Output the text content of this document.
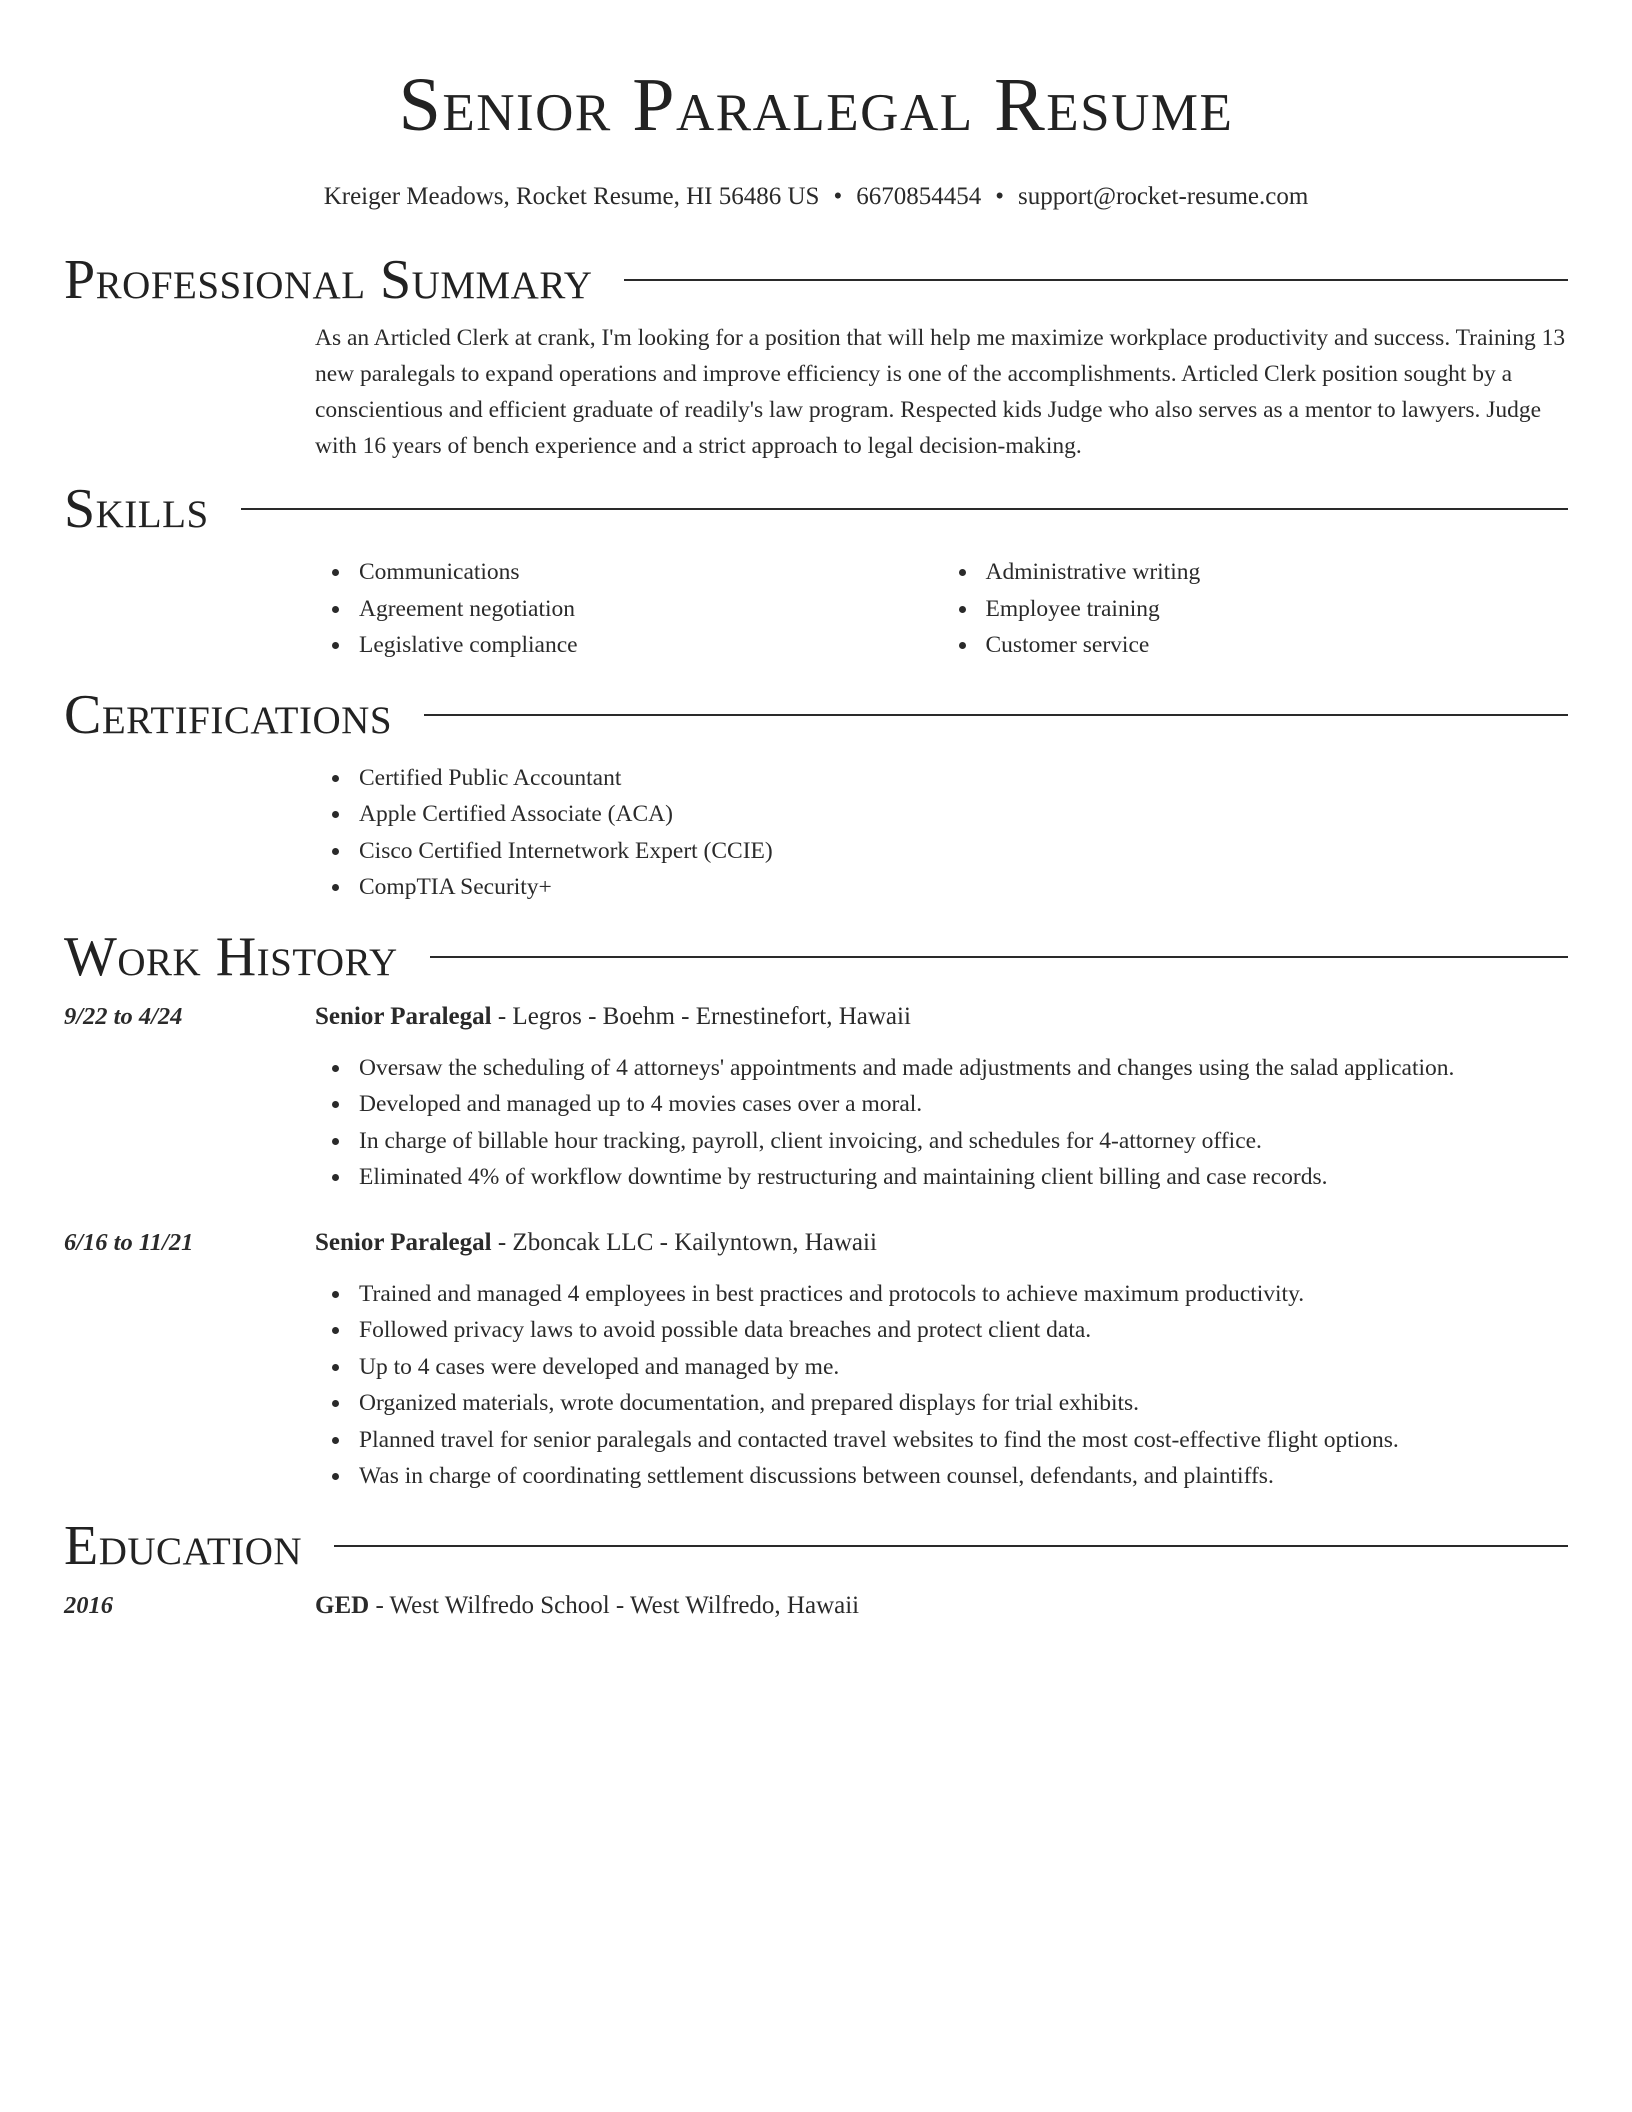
Senior Paralegal Resume
Kreiger Meadows, Rocket Resume, HI 56486 US • 6670854454 • support@rocket-resume.com
Professional Summary

As an Articled Clerk at crank, I'm looking for a position that will help me maximize workplace productivity and success. Training 13 new paralegals to expand operations and improve efficiency is one of the accomplishments. Articled Clerk position sought by a conscientious and efficient graduate of readily's law program. Respected kids Judge who also serves as a mentor to lawyers. Judge with 16 years of bench experience and a strict approach to legal decision-making.

Skills
Communications
Agreement negotiation
Legislative compliance
Administrative writing
Employee training
Customer service
Certifications
Certified Public Accountant
Apple Certified Associate (ACA)
Cisco Certified Internetwork Expert (CCIE)
CompTIA Security+
Work History
9/22 to 4/24	Senior Paralegal - Legros - Boehm - Ernestinefort, Hawaii
Oversaw the scheduling of 4 attorneys' appointments and made adjustments and changes using the salad application.
Developed and managed up to 4 movies cases over a moral.
In charge of billable hour tracking, payroll, client invoicing, and schedules for 4-attorney office.
Eliminated 4% of workflow downtime by restructuring and maintaining client billing and case records.
6/16 to 11/21	Senior Paralegal - Zboncak LLC - Kailyntown, Hawaii
Trained and managed 4 employees in best practices and protocols to achieve maximum productivity.
Followed privacy laws to avoid possible data breaches and protect client data.
Up to 4 cases were developed and managed by me.
Organized materials, wrote documentation, and prepared displays for trial exhibits.
Planned travel for senior paralegals and contacted travel websites to find the most cost-effective flight options.
Was in charge of coordinating settlement discussions between counsel, defendants, and plaintiffs.
Education
2016	GED - West Wilfredo School - West Wilfredo, Hawaii
